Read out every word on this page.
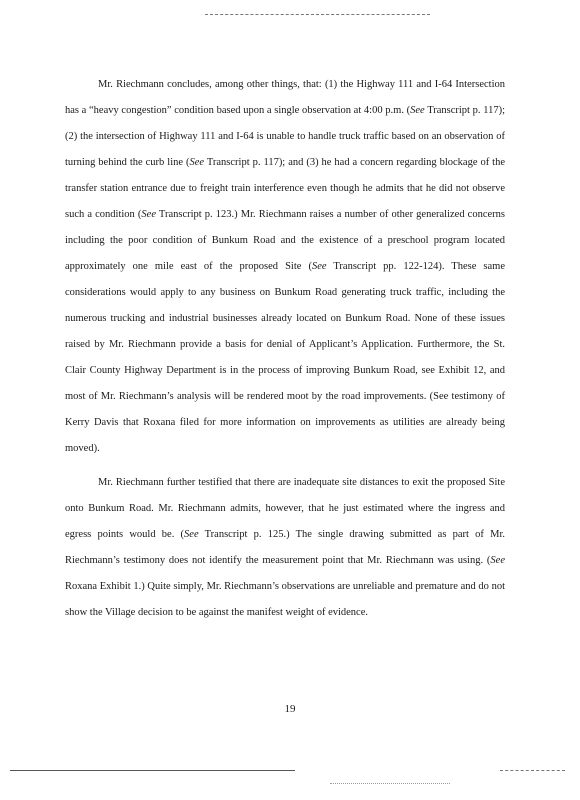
Mr. Riechmann concludes, among other things, that: (1) the Highway 111 and I-64 Intersection has a “heavy congestion” condition based upon a single observation at 4:00 p.m. (See Transcript p. 117); (2) the intersection of Highway 111 and I-64 is unable to handle truck traffic based on an observation of turning behind the curb line (See Transcript p. 117); and (3) he had a concern regarding blockage of the transfer station entrance due to freight train interference even though he admits that he did not observe such a condition (See Transcript p. 123.) Mr. Riechmann raises a number of other generalized concerns including the poor condition of Bunkum Road and the existence of a preschool program located approximately one mile east of the proposed Site (See Transcript pp. 122-124). These same considerations would apply to any business on Bunkum Road generating truck traffic, including the numerous trucking and industrial businesses already located on Bunkum Road. None of these issues raised by Mr. Riechmann provide a basis for denial of Applicant’s Application. Furthermore, the St. Clair County Highway Department is in the process of improving Bunkum Road, see Exhibit 12, and most of Mr. Riechmann’s analysis will be rendered moot by the road improvements. (See testimony of Kerry Davis that Roxana filed for more information on improvements as utilities are already being moved).

Mr. Riechmann further testified that there are inadequate site distances to exit the proposed Site onto Bunkum Road. Mr. Riechmann admits, however, that he just estimated where the ingress and egress points would be. (See Transcript p. 125.) The single drawing submitted as part of Mr. Riechmann’s testimony does not identify the measurement point that Mr. Riechmann was using. (See Roxana Exhibit 1.) Quite simply, Mr. Riechmann’s observations are unreliable and premature and do not show the Village decision to be against the manifest weight of evidence.

19
